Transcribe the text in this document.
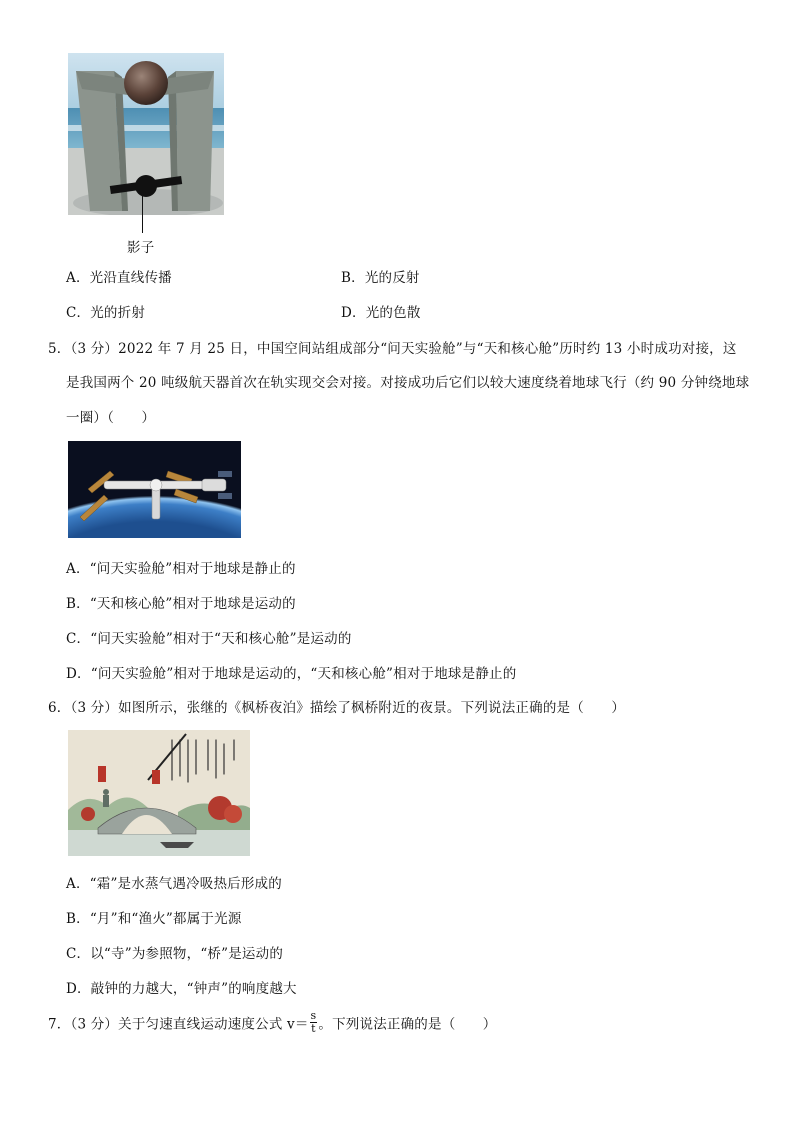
影子
A．光沿直线传播	B．光的反射
C．光的折射	D．光的色散
5．（3 分）2022 年 7 月 25 日，中国空间站组成部分“问天实验舱”与“天和核心舱”历时约 13 小时成功对接，这
是我国两个 20 吨级航天器首次在轨实现交会对接。对接成功后它们以较大速度绕着地球飞行（约 90 分钟绕地球
一圈）（　　）
A．“问天实验舱”相对于地球是静止的
B．“天和核心舱”相对于地球是运动的
C．“问天实验舱”相对于“天和核心舱”是运动的
D．“问天实验舱”相对于地球是运动的，“天和核心舱”相对于地球是静止的
6．（3 分）如图所示，张继的《枫桥夜泊》描绘了枫桥附近的夜景。下列说法正确的是（　　）
A．“霜”是水蒸气遇冷吸热后形成的
B．“月”和“渔火”都属于光源
C．以“寺”为参照物，“桥”是运动的
D．敲钟的力越大，“钟声”的响度越大
7．（3 分）关于匀速直线运动速度公式 $v= \frac{s}{t}$ 。下列说法正确的是（　　）
